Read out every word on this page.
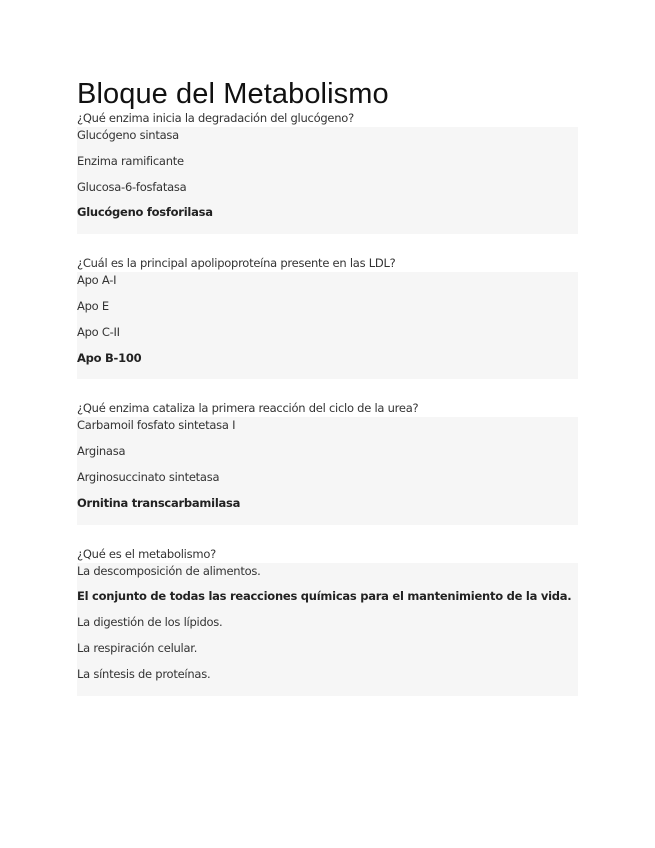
Bloque del Metabolismo
¿Qué enzima inicia la degradación del glucógeno?
Glucógeno sintasa
Enzima ramificante
Glucosa-6-fosfatasa
Glucógeno fosforilasa
¿Cuál es la principal apolipoproteína presente en las LDL?
Apo A-I
Apo E
Apo C-II
Apo B-100
¿Qué enzima cataliza la primera reacción del ciclo de la urea?
Carbamoil fosfato sintetasa I
Arginasa
Arginosuccinato sintetasa
Ornitina transcarbamilasa
¿Qué es el metabolismo?
La descomposición de alimentos.
El conjunto de todas las reacciones químicas para el mantenimiento de la vida.
La digestión de los lípidos.
La respiración celular.
La síntesis de proteínas.
